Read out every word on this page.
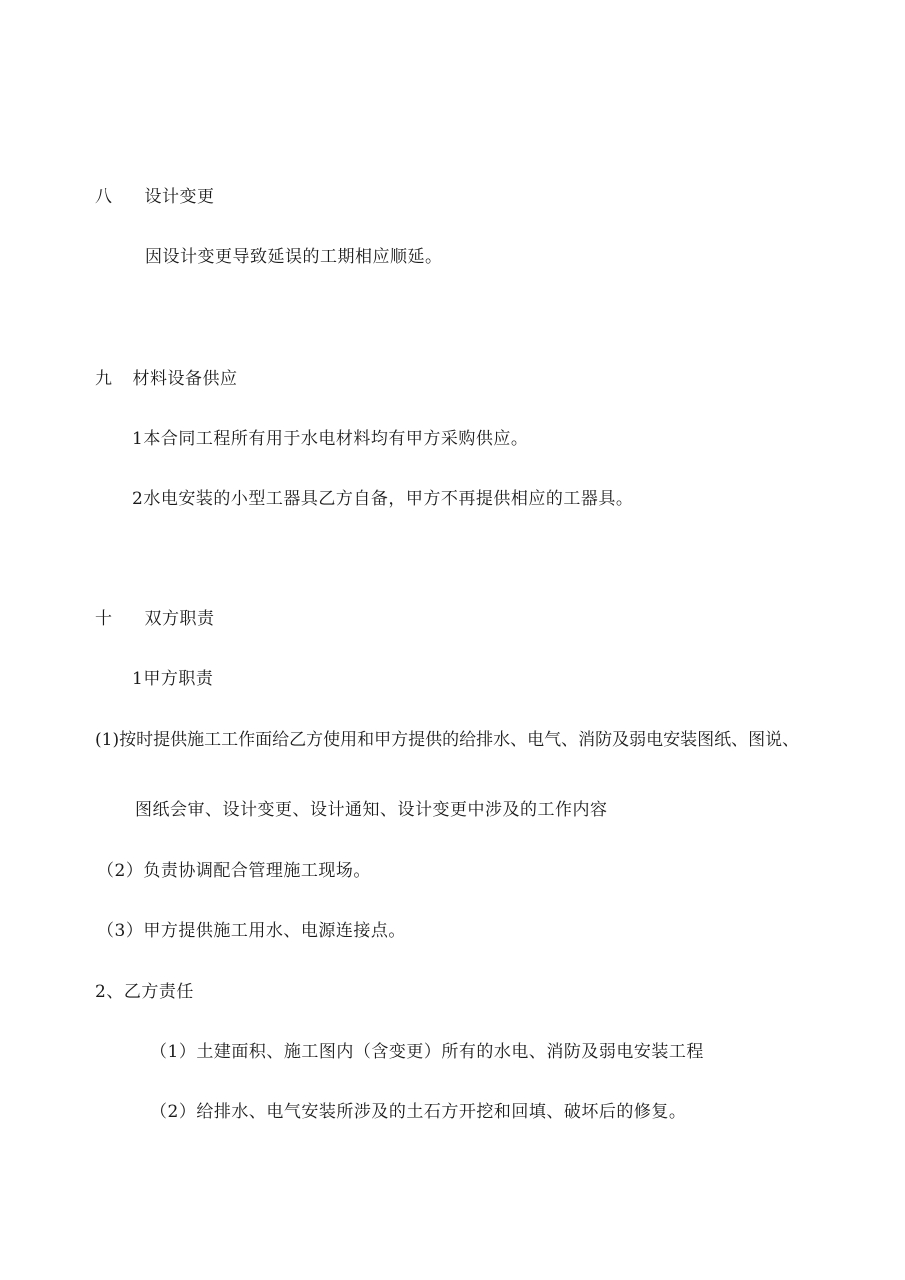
八 设计变更
因设计变更导致延误的工期相应顺延。
九 材料设备供应
1本合同工程所有用于水电材料均有甲方采购供应。
2水电安装的小型工器具乙方自备，甲方不再提供相应的工器具。
十 双方职责
1甲方职责
(1)按时提供施工工作面给乙方使用和甲方提供的给排水、电气、消防及弱电安装图纸、图说、
图纸会审、设计变更、设计通知、设计变更中涉及的工作内容
（2）负责协调配合管理施工现场。
（3）甲方提供施工用水、电源连接点。
2、乙方责任
（1）土建面积、施工图内（含变更）所有的水电、消防及弱电安装工程
（2）给排水、电气安装所涉及的土石方开挖和回填、破坏后的修复。
